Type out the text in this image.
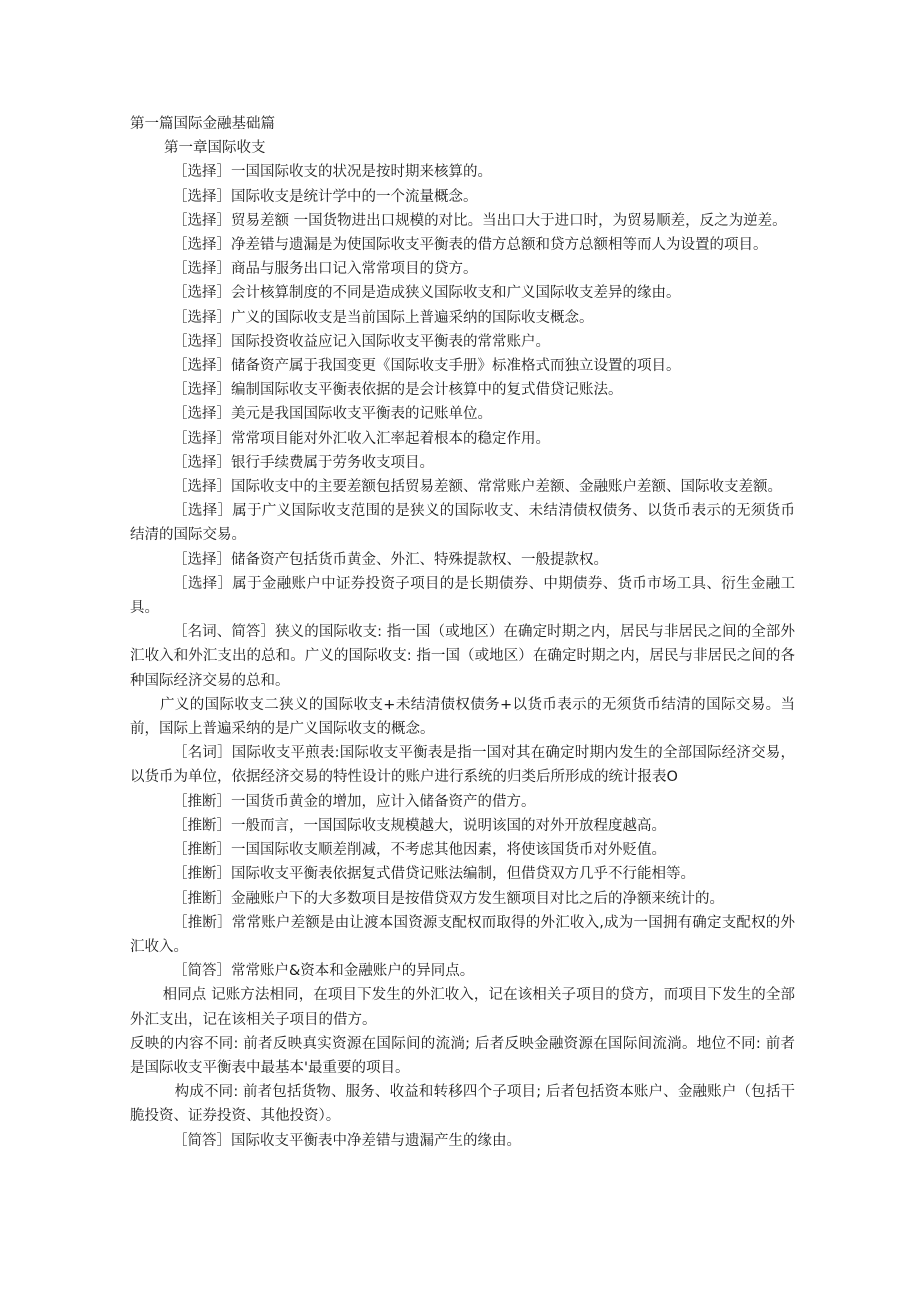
第一篇国际金融基础篇

第一章国际收支

［选择］一国国际收支的状况是按时期来核算的。

［选择］国际收支是统计学中的一个流量概念。

［选择］贸易差额 一国货物进出口规模的对比。当出口大于进口时，为贸易顺差，反之为逆差。

［选择］净差错与遗漏是为使国际收支平衡表的借方总额和贷方总额相等而人为设置的项目。

［选择］商品与服务出口记入常常项目的贷方。

［选择］会计核算制度的不同是造成狭义国际收支和广义国际收支差异的缘由。

［选择］广义的国际收支是当前国际上普遍采纳的国际收支概念。

［选择］国际投资收益应记入国际收支平衡表的常常账户。

［选择］储备资产属于我国变更《国际收支手册》标准格式而独立设置的项目。

［选择］编制国际收支平衡表依据的是会计核算中的复式借贷记账法。

［选择］美元是我国国际收支平衡表的记账单位。

［选择］常常项目能对外汇收入汇率起着根本的稳定作用。

［选择］银行手续费属于劳务收支项目。

［选择］国际收支中的主要差额包括贸易差额、常常账户差额、金融账户差额、国际收支差额。

［选择］属于广义国际收支范围的是狭义的国际收支、未结清债权债务、以货币表示的无须货币结清的国际交易。

［选择］储备资产包括货币黄金、外汇、特殊提款权、一般提款权。

［选择］属于金融账户中证券投资子项目的是长期债券、中期债券、货币市场工具、衍生金融工具。

［名词、简答］狭义的国际收支: 指一国（或地区）在确定时期之内，居民与非居民之间的全部外汇收入和外汇支出的总和。广义的国际收支: 指一国（或地区）在确定时期之内，居民与非居民之间的各种国际经济交易的总和。

广义的国际收支二狭义的国际收支+未结清债权债务+以货币表示的无须货币结清的国际交易。当前，国际上普遍采纳的是广义国际收支的概念。

［名词］国际收支平煎表:国际收支平衡表是指一国对其在确定时期内发生的全部国际经济交易，以货币为单位，依据经济交易的特性设计的账户进行系统的归类后所形成的统计报表O

［推断］一国货币黄金的增加，应计入储备资产的借方。

［推断］一般而言，一国国际收支规模越大，说明该国的对外开放程度越高。

［推断］一国国际收支顺差削减，不考虑其他因素，将使该国货币对外贬值。

［推断］国际收支平衡表依据复式借贷记账法编制，但借贷双方几乎不行能相等。

［推断］金融账户下的大多数项目是按借贷双方发生额项目对比之后的净额来统计的。

［推断］常常账户差额是由让渡本国资源支配权而取得的外汇收入,成为一国拥有确定支配权的外汇收入。

［简答］常常账户&资本和金融账户的异同点。

　相同点 记账方法相同，在项目下发生的外汇收入，记在该相关子项目的贷方，而项目下发生的全部外汇支出，记在该相关子项目的借方。

反映的内容不同: 前者反映真实资源在国际间的流淌; 后者反映金融资源在国际间流淌。地位不同: 前者是国际收支平衡表中最基本'最重要的项目。

　构成不同: 前者包括货物、服务、收益和转移四个子项目; 后者包括资本账户、金融账户（包括干脆投资、证券投资、其他投资）。

［简答］国际收支平衡表中净差错与遗漏产生的缘由。
